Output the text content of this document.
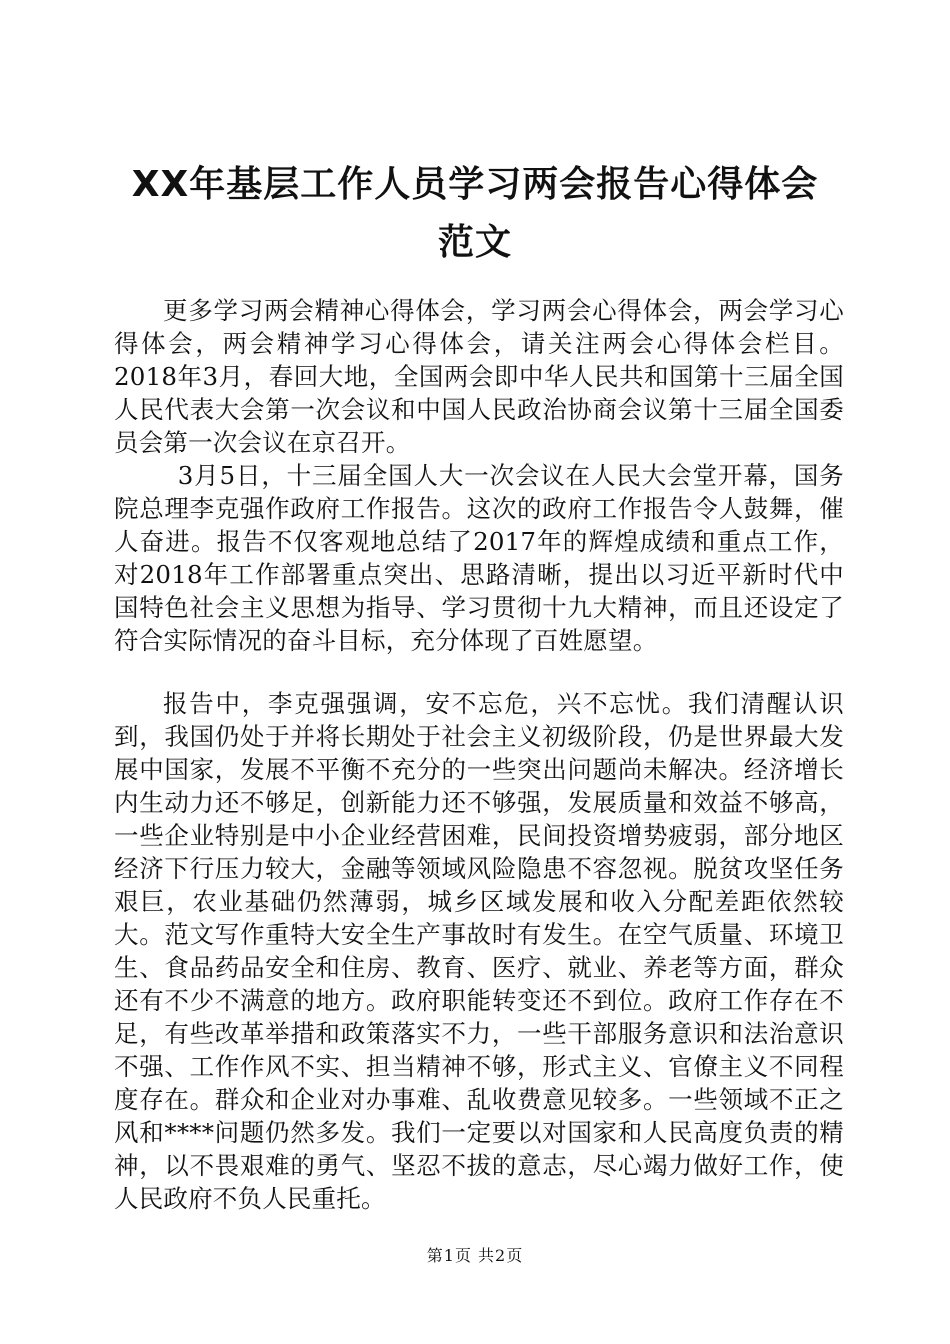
XX年基层工作人员学习两会报告心得体会范文

更多学习两会精神心得体会，学习两会心得体会，两会学习心得体会，两会精神学习心得体会，请关注两会心得体会栏目。2018年3月，春回大地，全国两会即中华人民共和国第十三届全国人民代表大会第一次会议和中国人民政治协商会议第十三届全国委员会第一次会议在京召开。

3月5日，十三届全国人大一次会议在人民大会堂开幕，国务院总理李克强作政府工作报告。这次的政府工作报告令人鼓舞，催人奋进。报告不仅客观地总结了2017年的辉煌成绩和重点工作，对2018年工作部署重点突出、思路清晰，提出以习近平新时代中国特色社会主义思想为指导、学习贯彻十九大精神，而且还设定了符合实际情况的奋斗目标，充分体现了百姓愿望。

报告中，李克强强调，安不忘危，兴不忘忧。我们清醒认识到，我国仍处于并将长期处于社会主义初级阶段，仍是世界最大发展中国家，发展不平衡不充分的一些突出问题尚未解决。经济增长内生动力还不够足，创新能力还不够强，发展质量和效益不够高，一些企业特别是中小企业经营困难，民间投资增势疲弱，部分地区经济下行压力较大，金融等领域风险隐患不容忽视。脱贫攻坚任务艰巨，农业基础仍然薄弱，城乡区域发展和收入分配差距依然较大。范文写作重特大安全生产事故时有发生。在空气质量、环境卫生、食品药品安全和住房、教育、医疗、就业、养老等方面，群众还有不少不满意的地方。政府职能转变还不到位。政府工作存在不足，有些改革举措和政策落实不力，一些干部服务意识和法治意识不强、工作作风不实、担当精神不够，形式主义、官僚主义不同程度存在。群众和企业对办事难、乱收费意见较多。一些领域不正之风和****问题仍然多发。我们一定要以对国家和人民高度负责的精神，以不畏艰难的勇气、坚忍不拔的意志，尽心竭力做好工作，使人民政府不负人民重托。

第1页 共2页
